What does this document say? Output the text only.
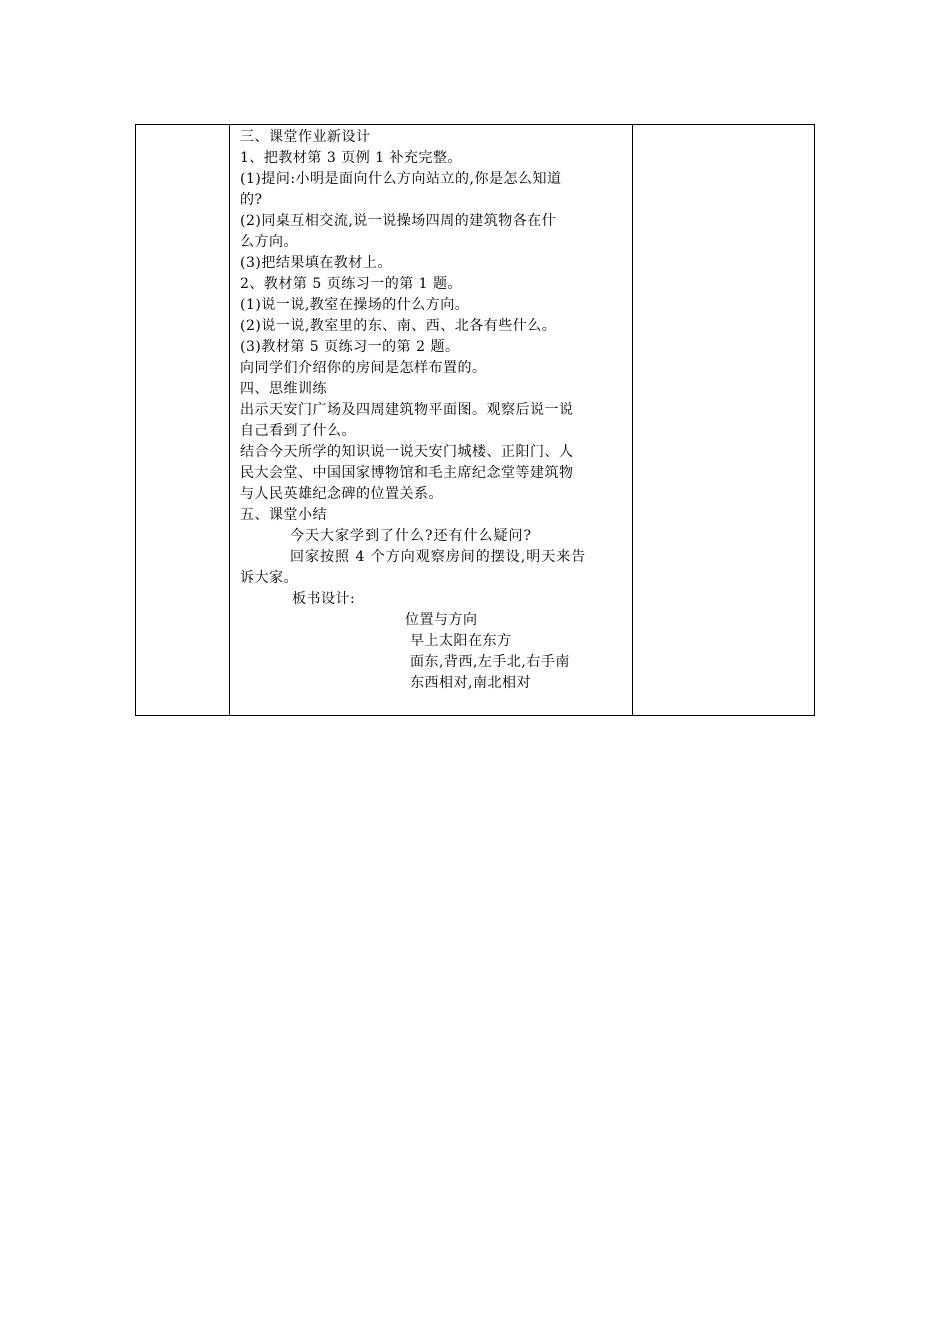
三、课堂作业新设计
1、把教材第 3 页例 1 补充完整。
(1)提问:小明是面向什么方向站立的,你是怎么知道
的?
(2)同桌互相交流,说一说操场四周的建筑物各在什
么方向。
(3)把结果填在教材上。
2、教材第 5 页练习一的第 1 题。
(1)说一说,教室在操场的什么方向。
(2)说一说,教室里的东、南、西、北各有些什么。
(3)教材第 5 页练习一的第 2 题。
向同学们介绍你的房间是怎样布置的。
四、思维训练
出示天安门广场及四周建筑物平面图。观察后说一说
自己看到了什么。
结合今天所学的知识说一说天安门城楼、正阳门、人
民大会堂、中国国家博物馆和毛主席纪念堂等建筑物
与人民英雄纪念碑的位置关系。
五、课堂小结
今天大家学到了什么?还有什么疑问?
回家按照 4 个方向观察房间的摆设,明天来告
诉大家。
板书设计:
位置与方向
早上太阳在东方
面东,背西,左手北,右手南
东西相对,南北相对
